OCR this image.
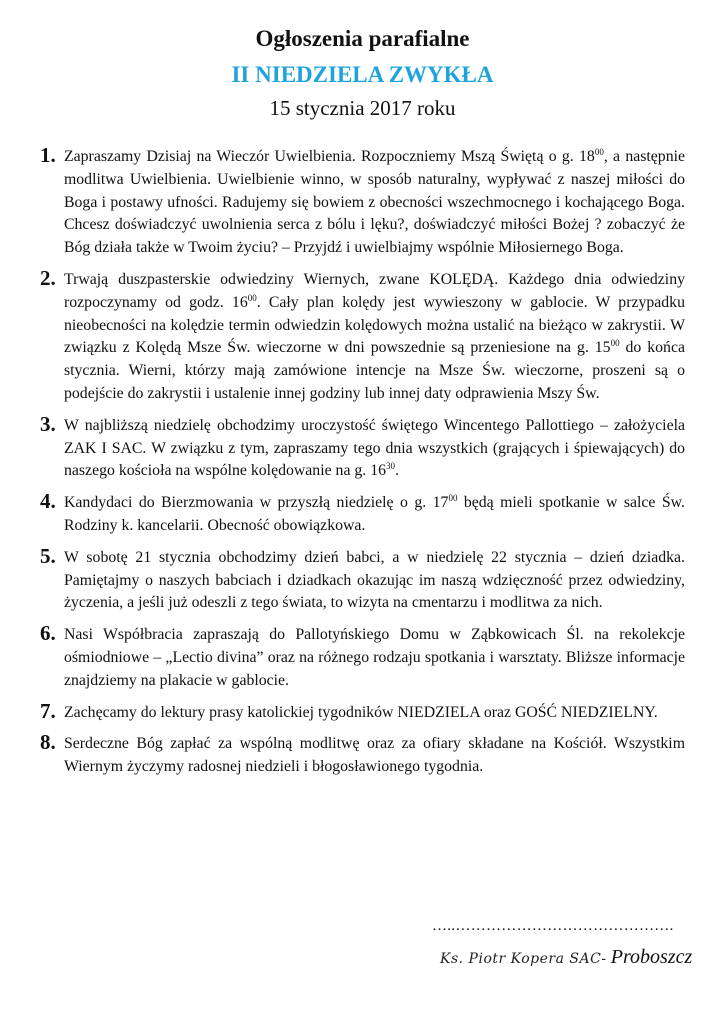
Ogłoszenia parafialne
II NIEDZIELA ZWYKŁA
15 stycznia 2017 roku
1. Zapraszamy Dzisiaj na Wieczór Uwielbienia. Rozpoczniemy Mszą Świętą o g. $18^{00}$, a następnie modlitwa Uwielbienia. Uwielbienie winno, w sposób naturalny, wypływać z naszej miłości do Boga i postawy ufności. Radujemy się bowiem z obecności wszechmocnego i kochającego Boga. Chcesz doświadczyć uwolnienia serca z bólu i lęku?, doświadczyć miłości Bożej ? zobaczyć że Bóg działa także w Twoim życiu? – Przyjdź i uwielbiajmy wspólnie Miłosiernego Boga.
2. Trwają duszpasterskie odwiedziny Wiernych, zwane KOLĘDĄ. Każdego dnia odwiedziny rozpoczynamy od godz. $16^{00}$. Cały plan kolędy jest wywieszony w gablocie. W przypadku nieobecności na kolędzie termin odwiedzin kolędowych można ustalić na bieżąco w zakrystii. W związku z Kolędą Msze Św. wieczorne w dni powszednie są przeniesione na g. $15^{00}$ do końca stycznia. Wierni, którzy mają zamówione intencje na Msze Św. wieczorne, proszeni są o podejście do zakrystii i ustalenie innej godziny lub innej daty odprawienia Mszy Św.
3. W najbliższą niedzielę obchodzimy uroczystość świętego Wincentego Pallottiego – założyciela ZAK I SAC. W związku z tym, zapraszamy tego dnia wszystkich (grających i śpiewających) do naszego kościoła na wspólne kolędowanie na g. $16^{30}$.
4. Kandydaci do Bierzmowania w przyszłą niedzielę o g. $17^{00}$ będą mieli spotkanie w salce Św. Rodziny k. kancelarii. Obecność obowiązkowa.
5. W sobotę 21 stycznia obchodzimy dzień babci, a w niedzielę 22 stycznia – dzień dziadka. Pamiętajmy o naszych babciach i dziadkach okazując im naszą wdzięczność przez odwiedziny, życzenia, a jeśli już odeszli z tego świata, to wizyta na cmentarzu i modlitwa za nich.
6. Nasi Współbracia zapraszają do Pallotyńskiego Domu w Ząbkowicach Śl. na rekolekcje ośmiodniowe – „Lectio divina” oraz na różnego rodzaju spotkania i warsztaty. Bliższe informacje znajdziemy na plakacie w gablocie.
7. Zachęcamy do lektury prasy katolickiej tygodników NIEDZIELA oraz GOŚĆ NIEDZIELNY.
8. Serdeczne Bóg zapłać za wspólną modlitwę oraz za ofiary składane na Kościół. Wszystkim Wiernym życzymy radosnej niedzieli i błogosławionego tygodnia.
…..…………………………………….
Ks. Piotr Kopera SAC- Proboszcz
